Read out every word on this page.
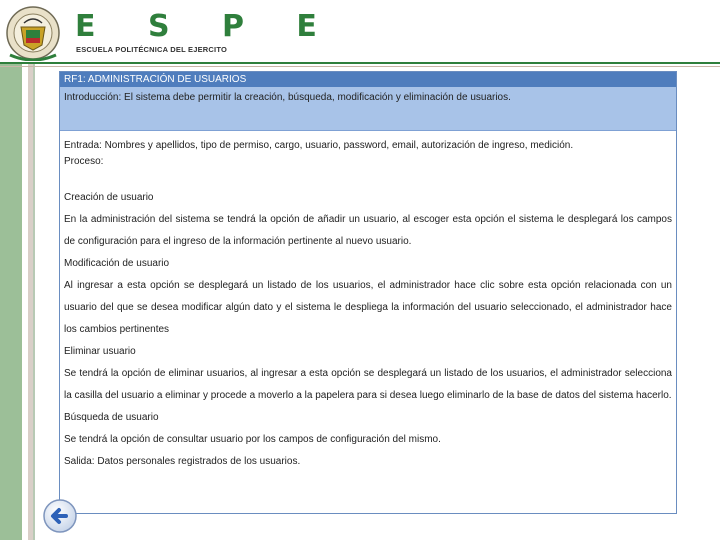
E S P E
ESCUELA POLITÉCNICA DEL EJERCITO
RF1: ADMINISTRACIÓN DE USUARIOS
Introducción: El sistema debe permitir la creación, búsqueda, modificación y eliminación de usuarios.

Entrada: Nombres y apellidos, tipo de permiso, cargo, usuario, password, email, autorización de ingreso, medición.

Proceso:

Creación de usuario

En la administración del sistema se tendrá la opción de añadir un usuario, al escoger esta opción el sistema le desplegará los campos de configuración para el ingreso de la información pertinente al nuevo usuario.

Modificación de usuario

Al ingresar a esta opción se desplegará un listado de los usuarios, el administrador hace clic sobre esta opción relacionada con un usuario del que se desea modificar algún dato y el sistema le despliega la información del usuario seleccionado, el administrador hace los cambios pertinentes

Eliminar usuario

Se tendrá la opción de eliminar usuarios, al ingresar a esta opción se desplegará un listado de los usuarios, el administrador selecciona la casilla del usuario a eliminar y procede a moverlo a la papelera para si desea luego eliminarlo de la base de datos del sistema hacerlo.

Búsqueda de usuario

Se tendrá la opción de consultar usuario por los campos de configuración del mismo.

Salida: Datos personales registrados de los usuarios.
